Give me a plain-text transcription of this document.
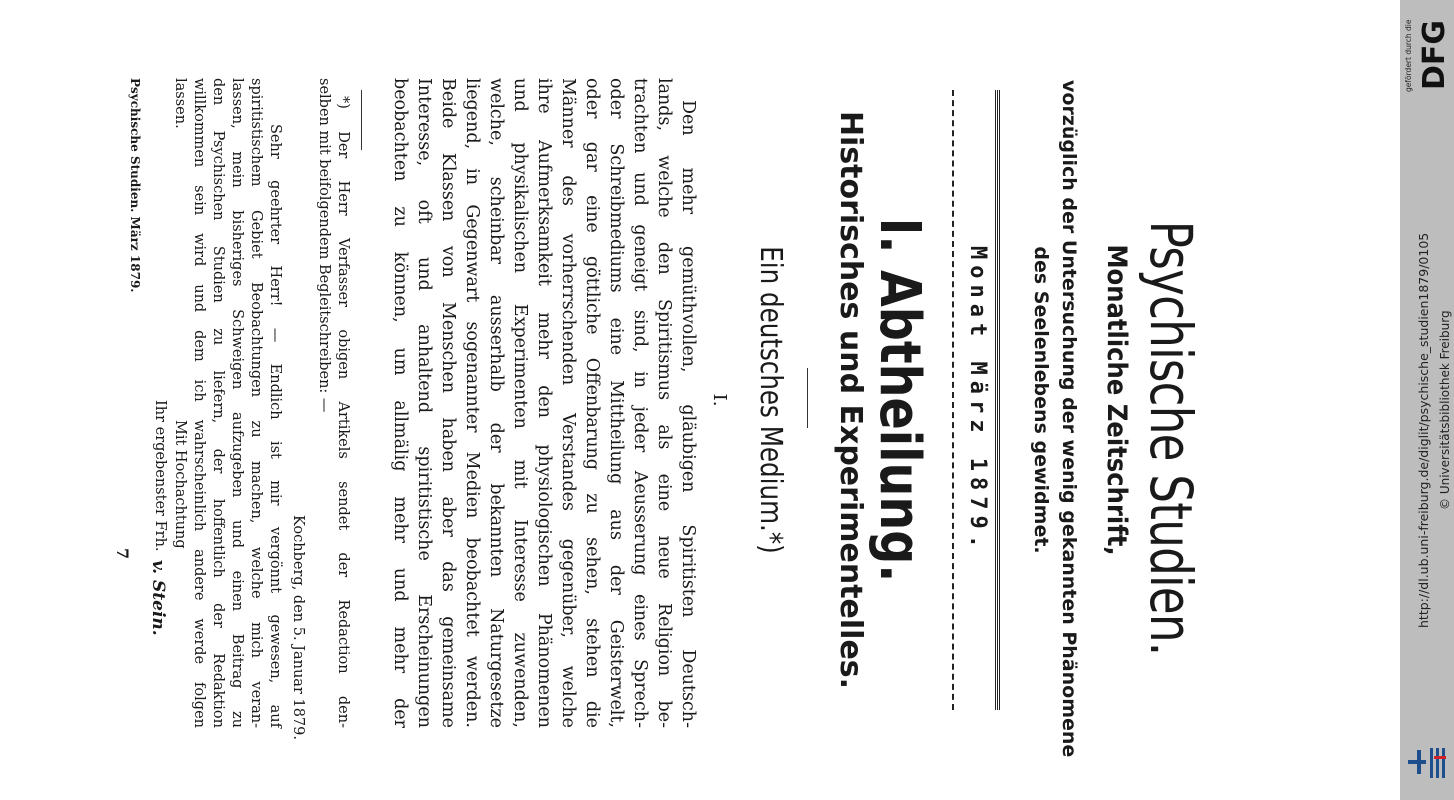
Psychische Studien.
Monatliche Zeitschrift,
vorzüglich der Untersuchung der wenig gekannten Phänomene
des Seelenlebens gewidmet.
Monat März 1879.
I. Abtheilung.
Historisches und Experimentelles.
Ein deutsches Medium.*)
I.
Den mehr gemüthvollen, gläubigen Spiritisten Deutsch-
lands, welche den Spiritismus als eine neue Religion be-
trachten und geneigt sind, in jeder Aeusserung eines Sprech-
oder Schreibmediums eine Mittheilung aus der Geisterwelt,
oder gar eine göttliche Offenbarung zu sehen, stehen die
Männer des vorherrschenden Verstandes gegenüber, welche
ihre Aufmerksamkeit mehr den physiologischen Phänomenen
und physikalischen Experimenten mit Interesse zuwenden,
welche, scheinbar ausserhalb der bekannten Naturgesetze
liegend, in Gegenwart sogenannter Medien beobachtet werden.
Beide Klassen von Menschen haben aber das gemeinsame
Interesse, oft und anhaltend spiritistische Erscheinungen
beobachten zu können, um allmälig mehr und mehr der
*) Der Herr Verfasser obigen Artikels sendet der Redaction den-
selben mit beifolgendem Begleitschreiben: —
Kochberg, den 5. Januar 1879.
Sehr geehrter Herr! — Endlich ist mir vergönnt gewesen, auf
spiritistischem Gebiet Beobachtungen zu machen, welche mich veran-
lassen, mein bisheriges Schweigen aufzugeben und einen Beitrag zu
den Psychischen Studien zu liefern, der hoffentlich der Redaktion
willkommen sein wird und dem ich wahrscheinlich andere werde folgen
lassen.
Mit Hochachtung
Ihr ergebenster Frh.
v. Stein.
Psychische Studien. März 1879.
7
DFG
gefördert durch die
http://dl.ub.uni-freiburg.de/diglit/psychische_studien1879/0105 © Universitätsbibliothek Freiburg
